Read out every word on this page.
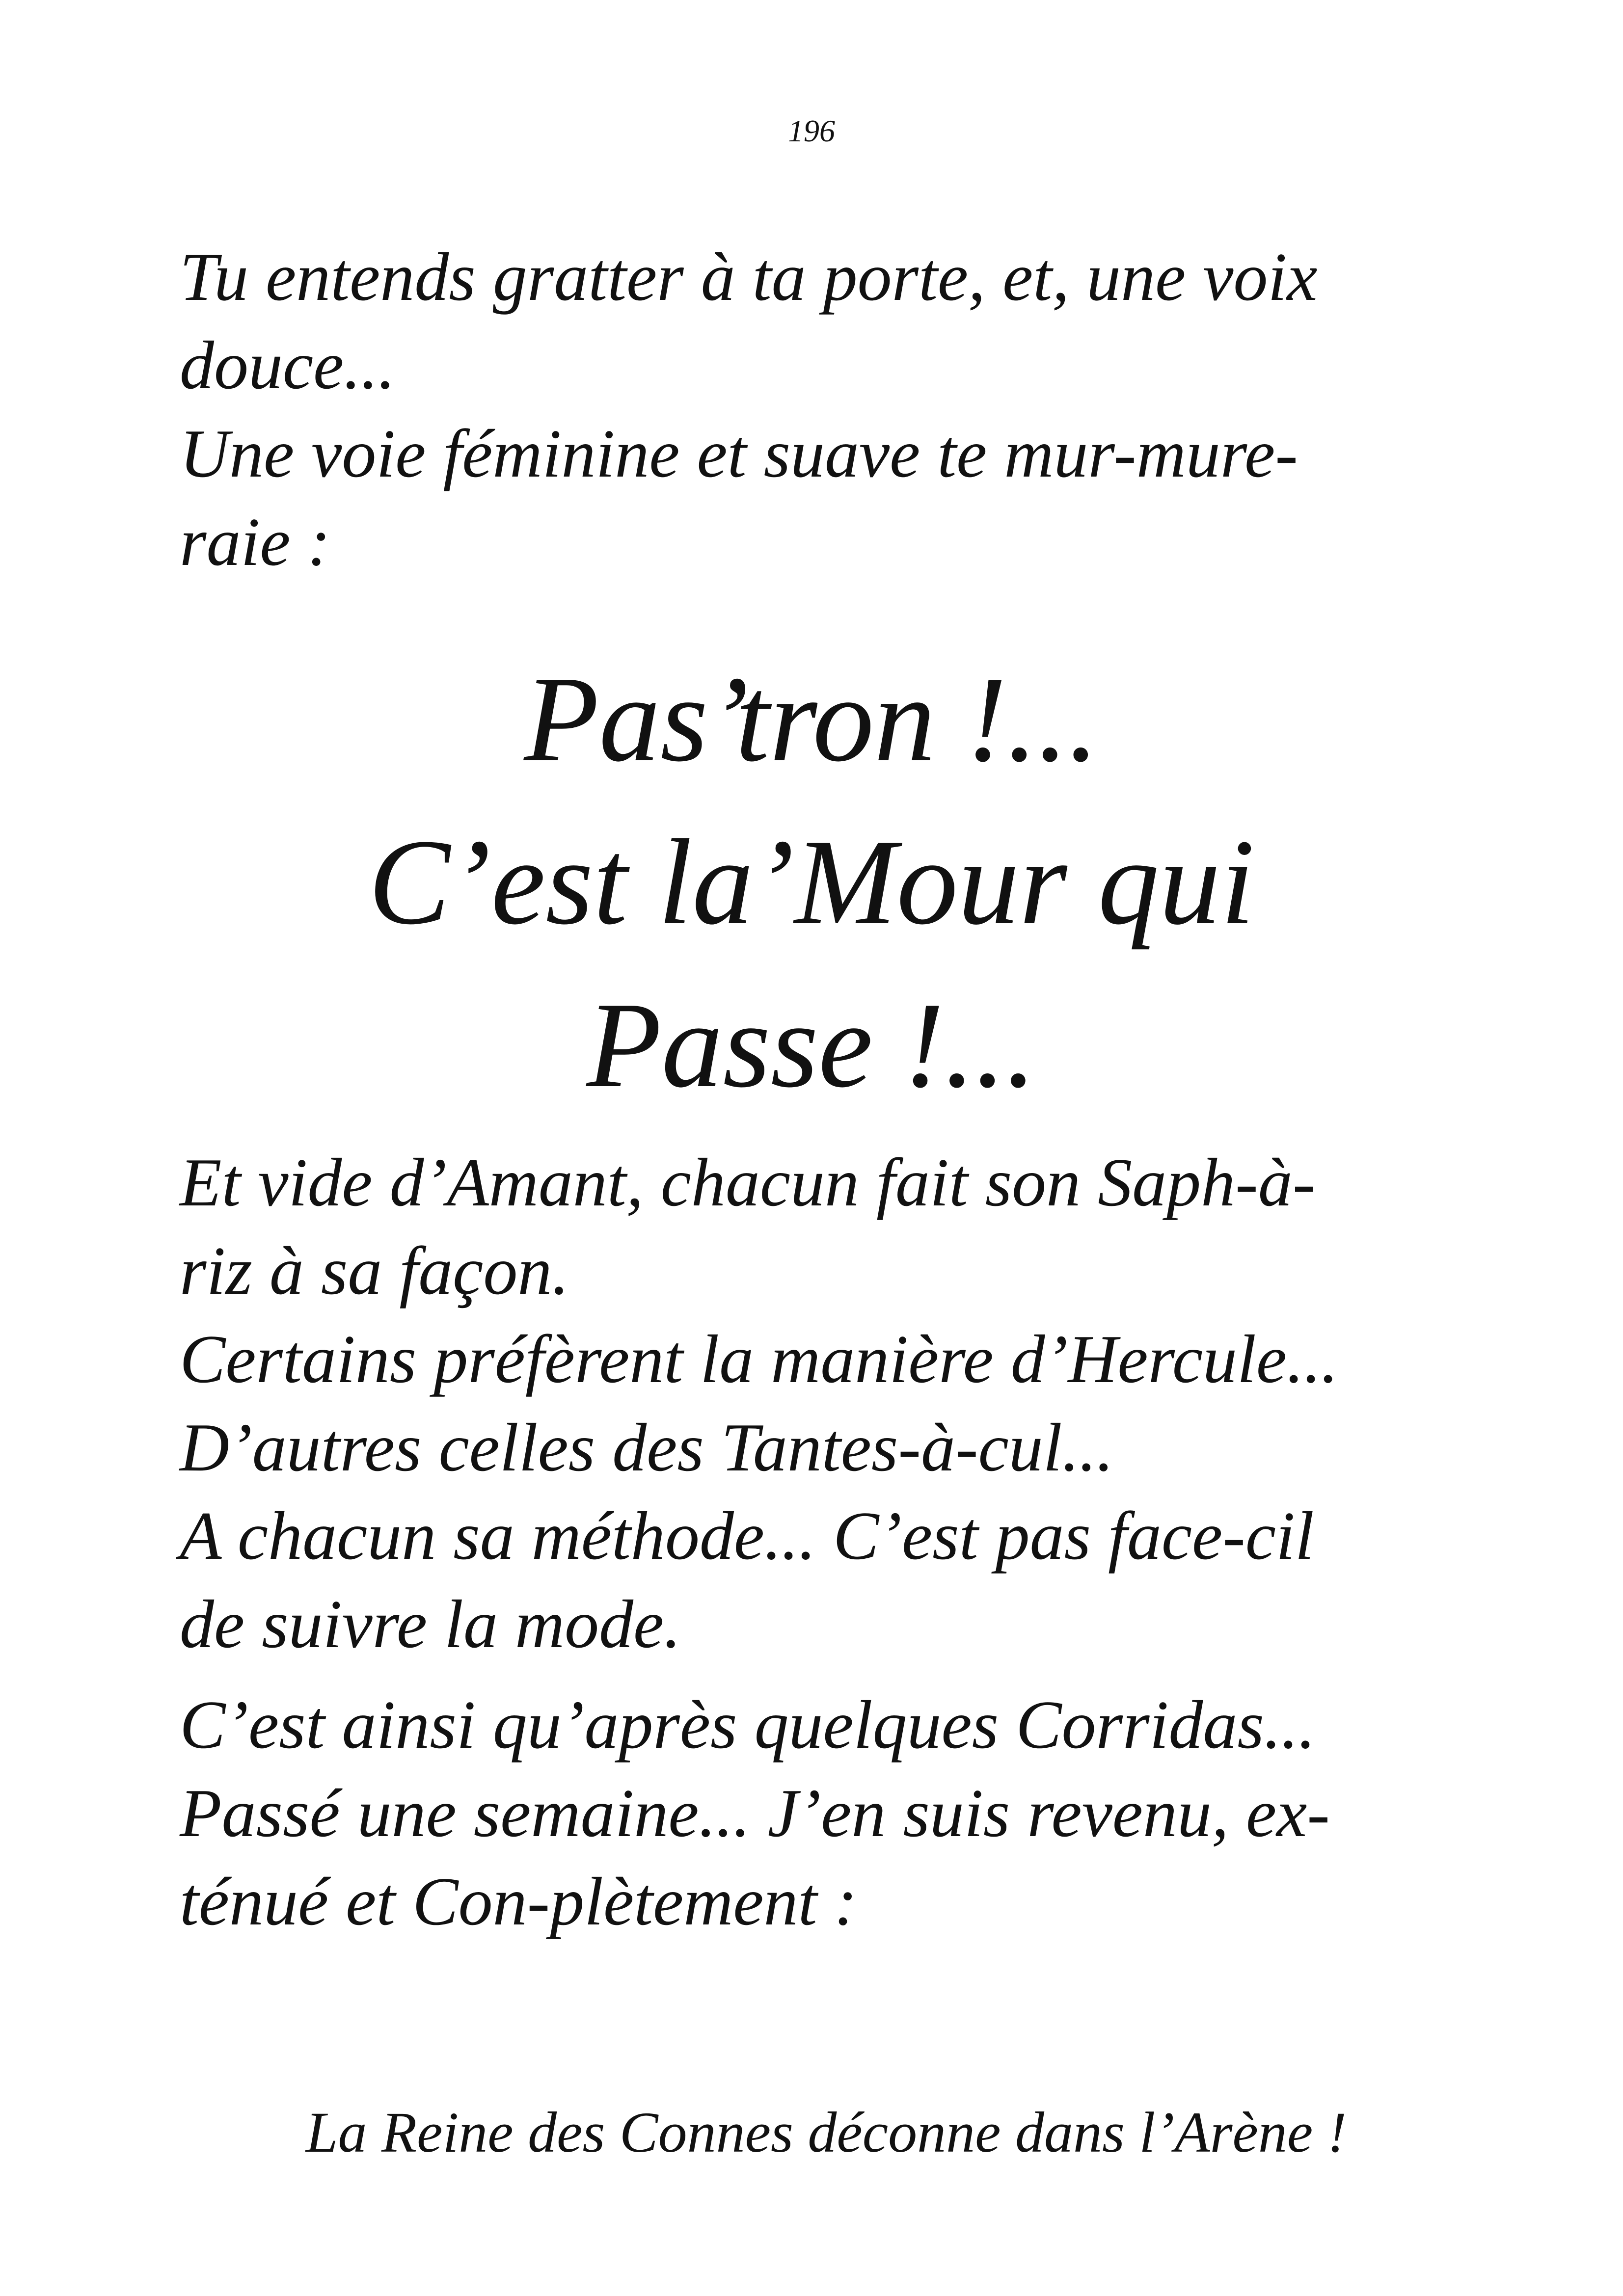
196
Tu entends gratter à ta porte, et, une voix
douce...
Une voie féminine et suave te mur-mure-
raie :
Pas’tron !...
C’est la’Mour qui
Passe !...
Et vide d’Amant, chacun fait son Saph-à-
riz à sa façon.
Certains préfèrent la manière d’Hercule...
D’autres celles des Tantes-à-cul...
A chacun sa méthode... C’est pas face-cil
de suivre la mode.
C’est ainsi qu’après quelques Corridas...
Passé une semaine... J’en suis revenu, ex-
ténué et Con-plètement :
La Reine des Connes déconne dans l’Arène !
